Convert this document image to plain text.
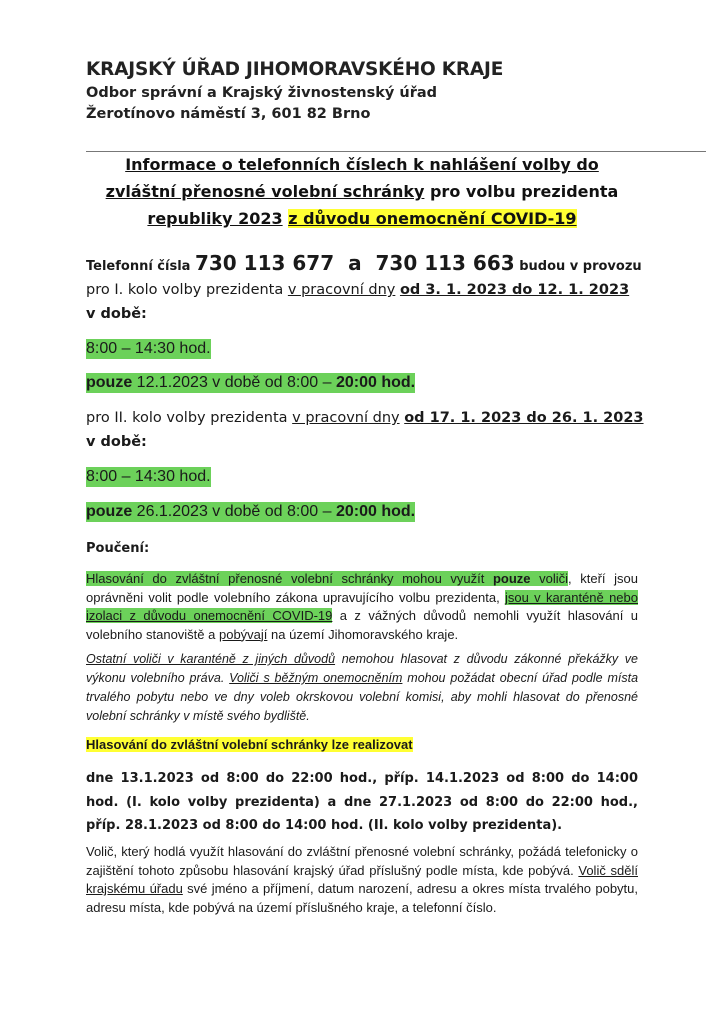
KRAJSKÝ ÚŘAD JIHOMORAVSKÉHO KRAJE
Odbor správní a Krajský živnostenský úřad
Žerotínovo náměstí 3, 601 82 Brno
Informace o telefonních číslech k nahlášení volby do
zvláštní přenosné volební schránky pro volbu prezidenta
republiky 2023 z důvodu onemocnění COVID-19
Telefonní čísla 730 113 677  a  730 113 663 budou v provozu
pro I. kolo volby prezidenta v pracovní dny od 3. 1. 2023 do 12. 1. 2023
v době:
8:00 – 14:30 hod.
pouze 12.1.2023 v době od 8:00 – 20:00 hod.
pro II. kolo volby prezidenta v pracovní dny od 17. 1. 2023 do 26. 1. 2023
v době:
8:00 – 14:30 hod.
pouze 26.1.2023 v době od 8:00 – 20:00 hod.
Poučení:
Hlasování do zvláštní přenosné volební schránky mohou využít pouze voliči, kteří jsou oprávněni volit podle volebního zákona upravujícího volbu prezidenta, jsou v karanténě nebo izolaci z důvodu onemocnění COVID-19 a z vážných důvodů nemohli využít hlasování u volebního stanoviště a pobývají na území Jihomoravského kraje.
Ostatní voliči v karanténě z jiných důvodů nemohou hlasovat z důvodu zákonné překážky ve výkonu volebního práva. Voliči s běžným onemocněním mohou požádat obecní úřad podle místa trvalého pobytu nebo ve dny voleb okrskovou volební komisi, aby mohli hlasovat do přenosné volební schránky v místě svého bydliště.
Hlasování do zvláštní volební schránky lze realizovat
dne 13.1.2023 od 8:00 do 22:00 hod., příp. 14.1.2023 od 8:00 do 14:00 hod. (I. kolo volby prezidenta) a dne 27.1.2023 od 8:00 do 22:00 hod., příp. 28.1.2023 od 8:00 do 14:00 hod. (II. kolo volby prezidenta).
Volič, který hodlá využít hlasování do zvláštní přenosné volební schránky, požádá telefonicky o zajištění tohoto způsobu hlasování krajský úřad příslušný podle místa, kde pobývá. Volič sdělí krajskému úřadu své jméno a příjmení, datum narození, adresu a okres místa trvalého pobytu, adresu místa, kde pobývá na území příslušného kraje, a telefonní číslo.
